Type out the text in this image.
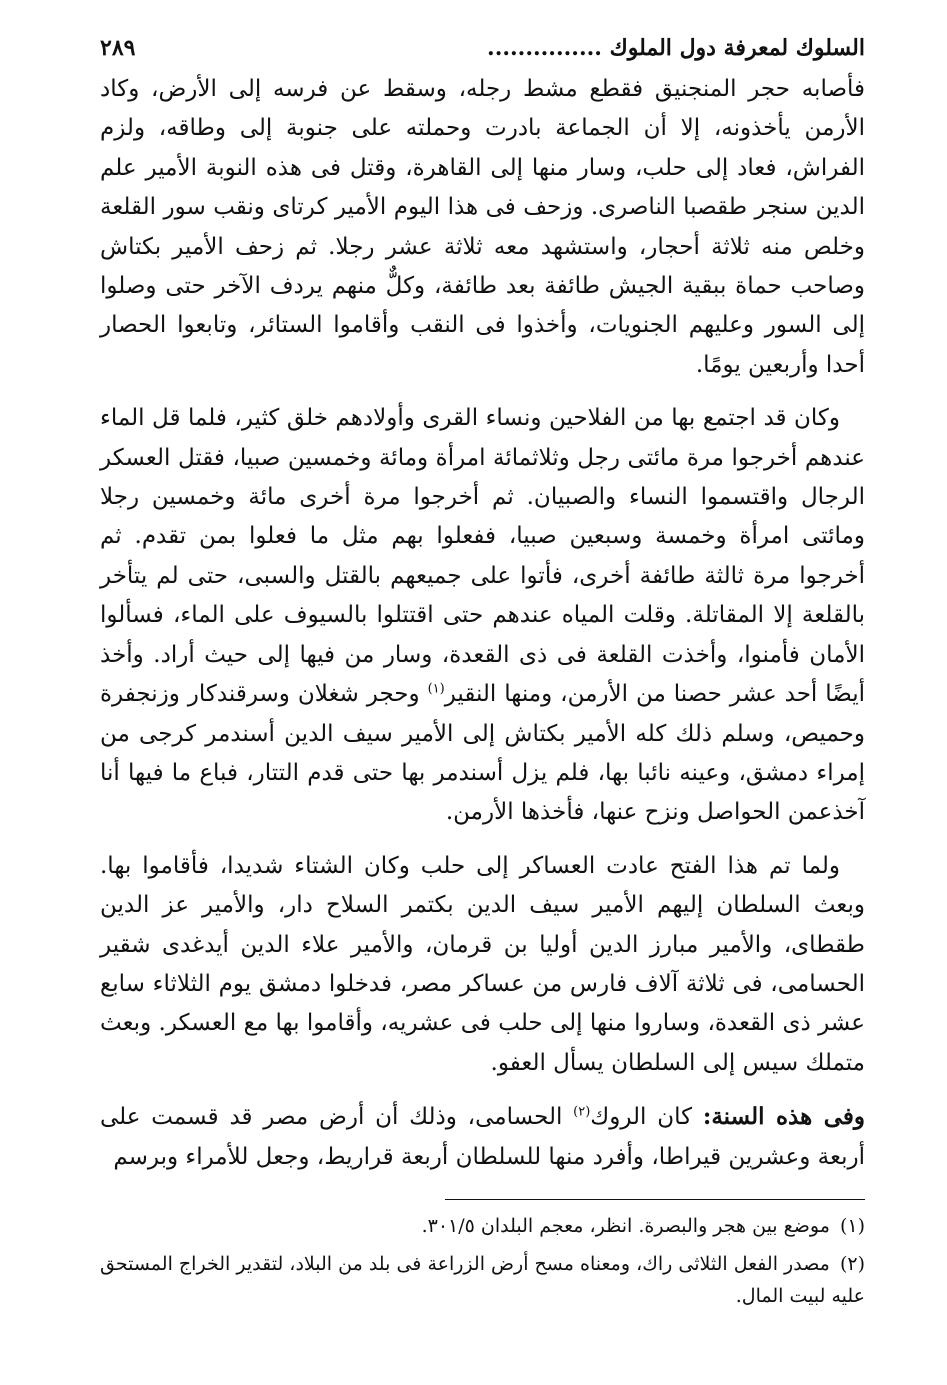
السلوك لمعرفة دول الملوك ...............
٢٨٩

فأصابه حجر المنجنيق فقطع مشط رجله، وسقط عن فرسه إلى الأرض، وكاد الأرمن يأخذونه، إلا أن الجماعة بادرت وحملته على جنوبة إلى وطاقه، ولزم الفراش، فعاد إلى حلب، وسار منها إلى القاهرة، وقتل فى هذه النوبة الأمير علم الدين سنجر طقصبا الناصرى. وزحف فى هذا اليوم الأمير كرتاى ونقب سور القلعة وخلص منه ثلاثة أحجار، واستشهد معه ثلاثة عشر رجلا. ثم زحف الأمير بكتاش وصاحب حماة ببقية الجيش طائفة بعد طائفة، وكلٌّ منهم يردف الآخر حتى وصلوا إلى السور وعليهم الجنويات، وأخذوا فى النقب وأقاموا الستائر، وتابعوا الحصار أحدا وأربعين يومًا.

وكان قد اجتمع بها من الفلاحين ونساء القرى وأولادهم خلق كثير، فلما قل الماء عندهم أخرجوا مرة مائتى رجل وثلاثمائة امرأة ومائة وخمسين صبيا، فقتل العسكر الرجال واقتسموا النساء والصبيان. ثم أخرجوا مرة أخرى مائة وخمسين رجلا ومائتى امرأة وخمسة وسبعين صبيا، ففعلوا بهم مثل ما فعلوا بمن تقدم. ثم أخرجوا مرة ثالثة طائفة أخرى، فأتوا على جميعهم بالقتل والسبى، حتى لم يتأخر بالقلعة إلا المقاتلة. وقلت المياه عندهم حتى اقتتلوا بالسيوف على الماء، فسألوا الأمان فأمنوا، وأخذت القلعة فى ذى القعدة، وسار من فيها إلى حيث أراد. وأخذ أيضًا أحد عشر حصنا من الأرمن، ومنها النقير$^{(١)}$ وحجر شغلان وسرقندكار وزنجفرة وحميص، وسلم ذلك كله الأمير بكتاش إلى الأمير سيف الدين أسندمر كرجى من إمراء دمشق، وعينه نائبا بها، فلم يزل أسندمر بها حتى قدم التتار، فباع ما فيها أنا آخذعمن الحواصل ونزح عنها، فأخذها الأرمن.

ولما تم هذا الفتح عادت العساكر إلى حلب وكان الشتاء شديدا، فأقاموا بها. وبعث السلطان إليهم الأمير سيف الدين بكتمر السلاح دار، والأمير عز الدين طقطاى، والأمير مبارز الدين أوليا بن قرمان، والأمير علاء الدين أيدغدى شقير الحسامى، فى ثلاثة آلاف فارس من عساكر مصر، فدخلوا دمشق يوم الثلاثاء سابع عشر ذى القعدة، وساروا منها إلى حلب فى عشريه، وأقاموا بها مع العسكر. وبعث متملك سيس إلى السلطان يسأل العفو.

وفى هذه السنة: كان الروك$^{(٢)}$ الحسامى، وذلك أن أرض مصر قد قسمت على أربعة وعشرين قيراطا، وأفرد منها للسلطان أربعة قراريط، وجعل للأمراء وبرسم

(١) موضع بين هجر والبصرة. انظر، معجم البلدان ٣٠١/٥.

(٢) مصدر الفعل الثلاثى راك، ومعناه مسح أرض الزراعة فى بلد من البلاد، لتقدير الخراج المستحق عليه لبيت المال.
